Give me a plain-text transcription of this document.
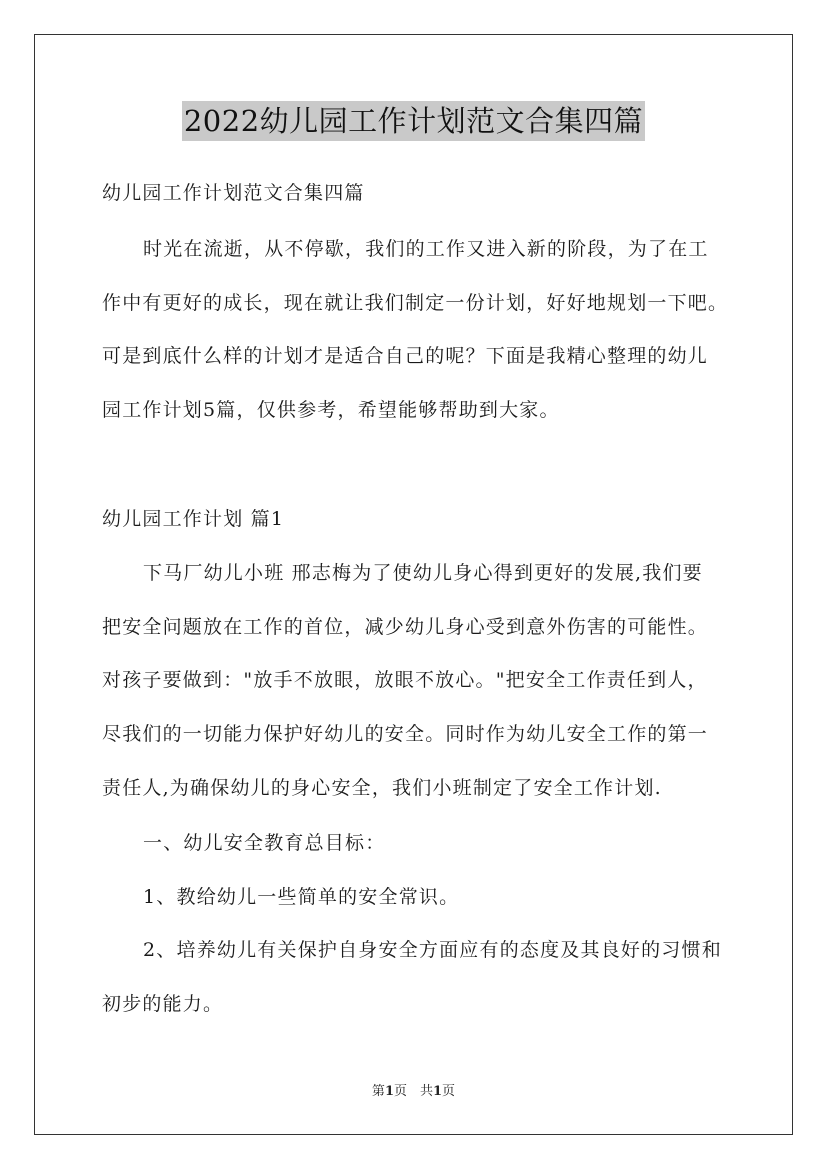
2022幼儿园工作计划范文合集四篇
幼儿园工作计划范文合集四篇
时光在流逝，从不停歇，我们的工作又进入新的阶段，为了在工
作中有更好的成长，现在就让我们制定一份计划，好好地规划一下吧。
可是到底什么样的计划才是适合自己的呢？下面是我精心整理的幼儿
园工作计划5篇，仅供参考，希望能够帮助到大家。
幼儿园工作计划 篇1
下马厂幼儿小班 邢志梅为了使幼儿身心得到更好的发展,我们要
把安全问题放在工作的首位，减少幼儿身心受到意外伤害的可能性。
对孩子要做到："放手不放眼，放眼不放心。"把安全工作责任到人，
尽我们的一切能力保护好幼儿的安全。同时作为幼儿安全工作的第一
责任人,为确保幼儿的身心安全，我们小班制定了安全工作计划.
一、幼儿安全教育总目标：
1、教给幼儿一些简单的安全常识。
2、培养幼儿有关保护自身安全方面应有的态度及其良好的习惯和
初步的能力。
第1页　共1页
